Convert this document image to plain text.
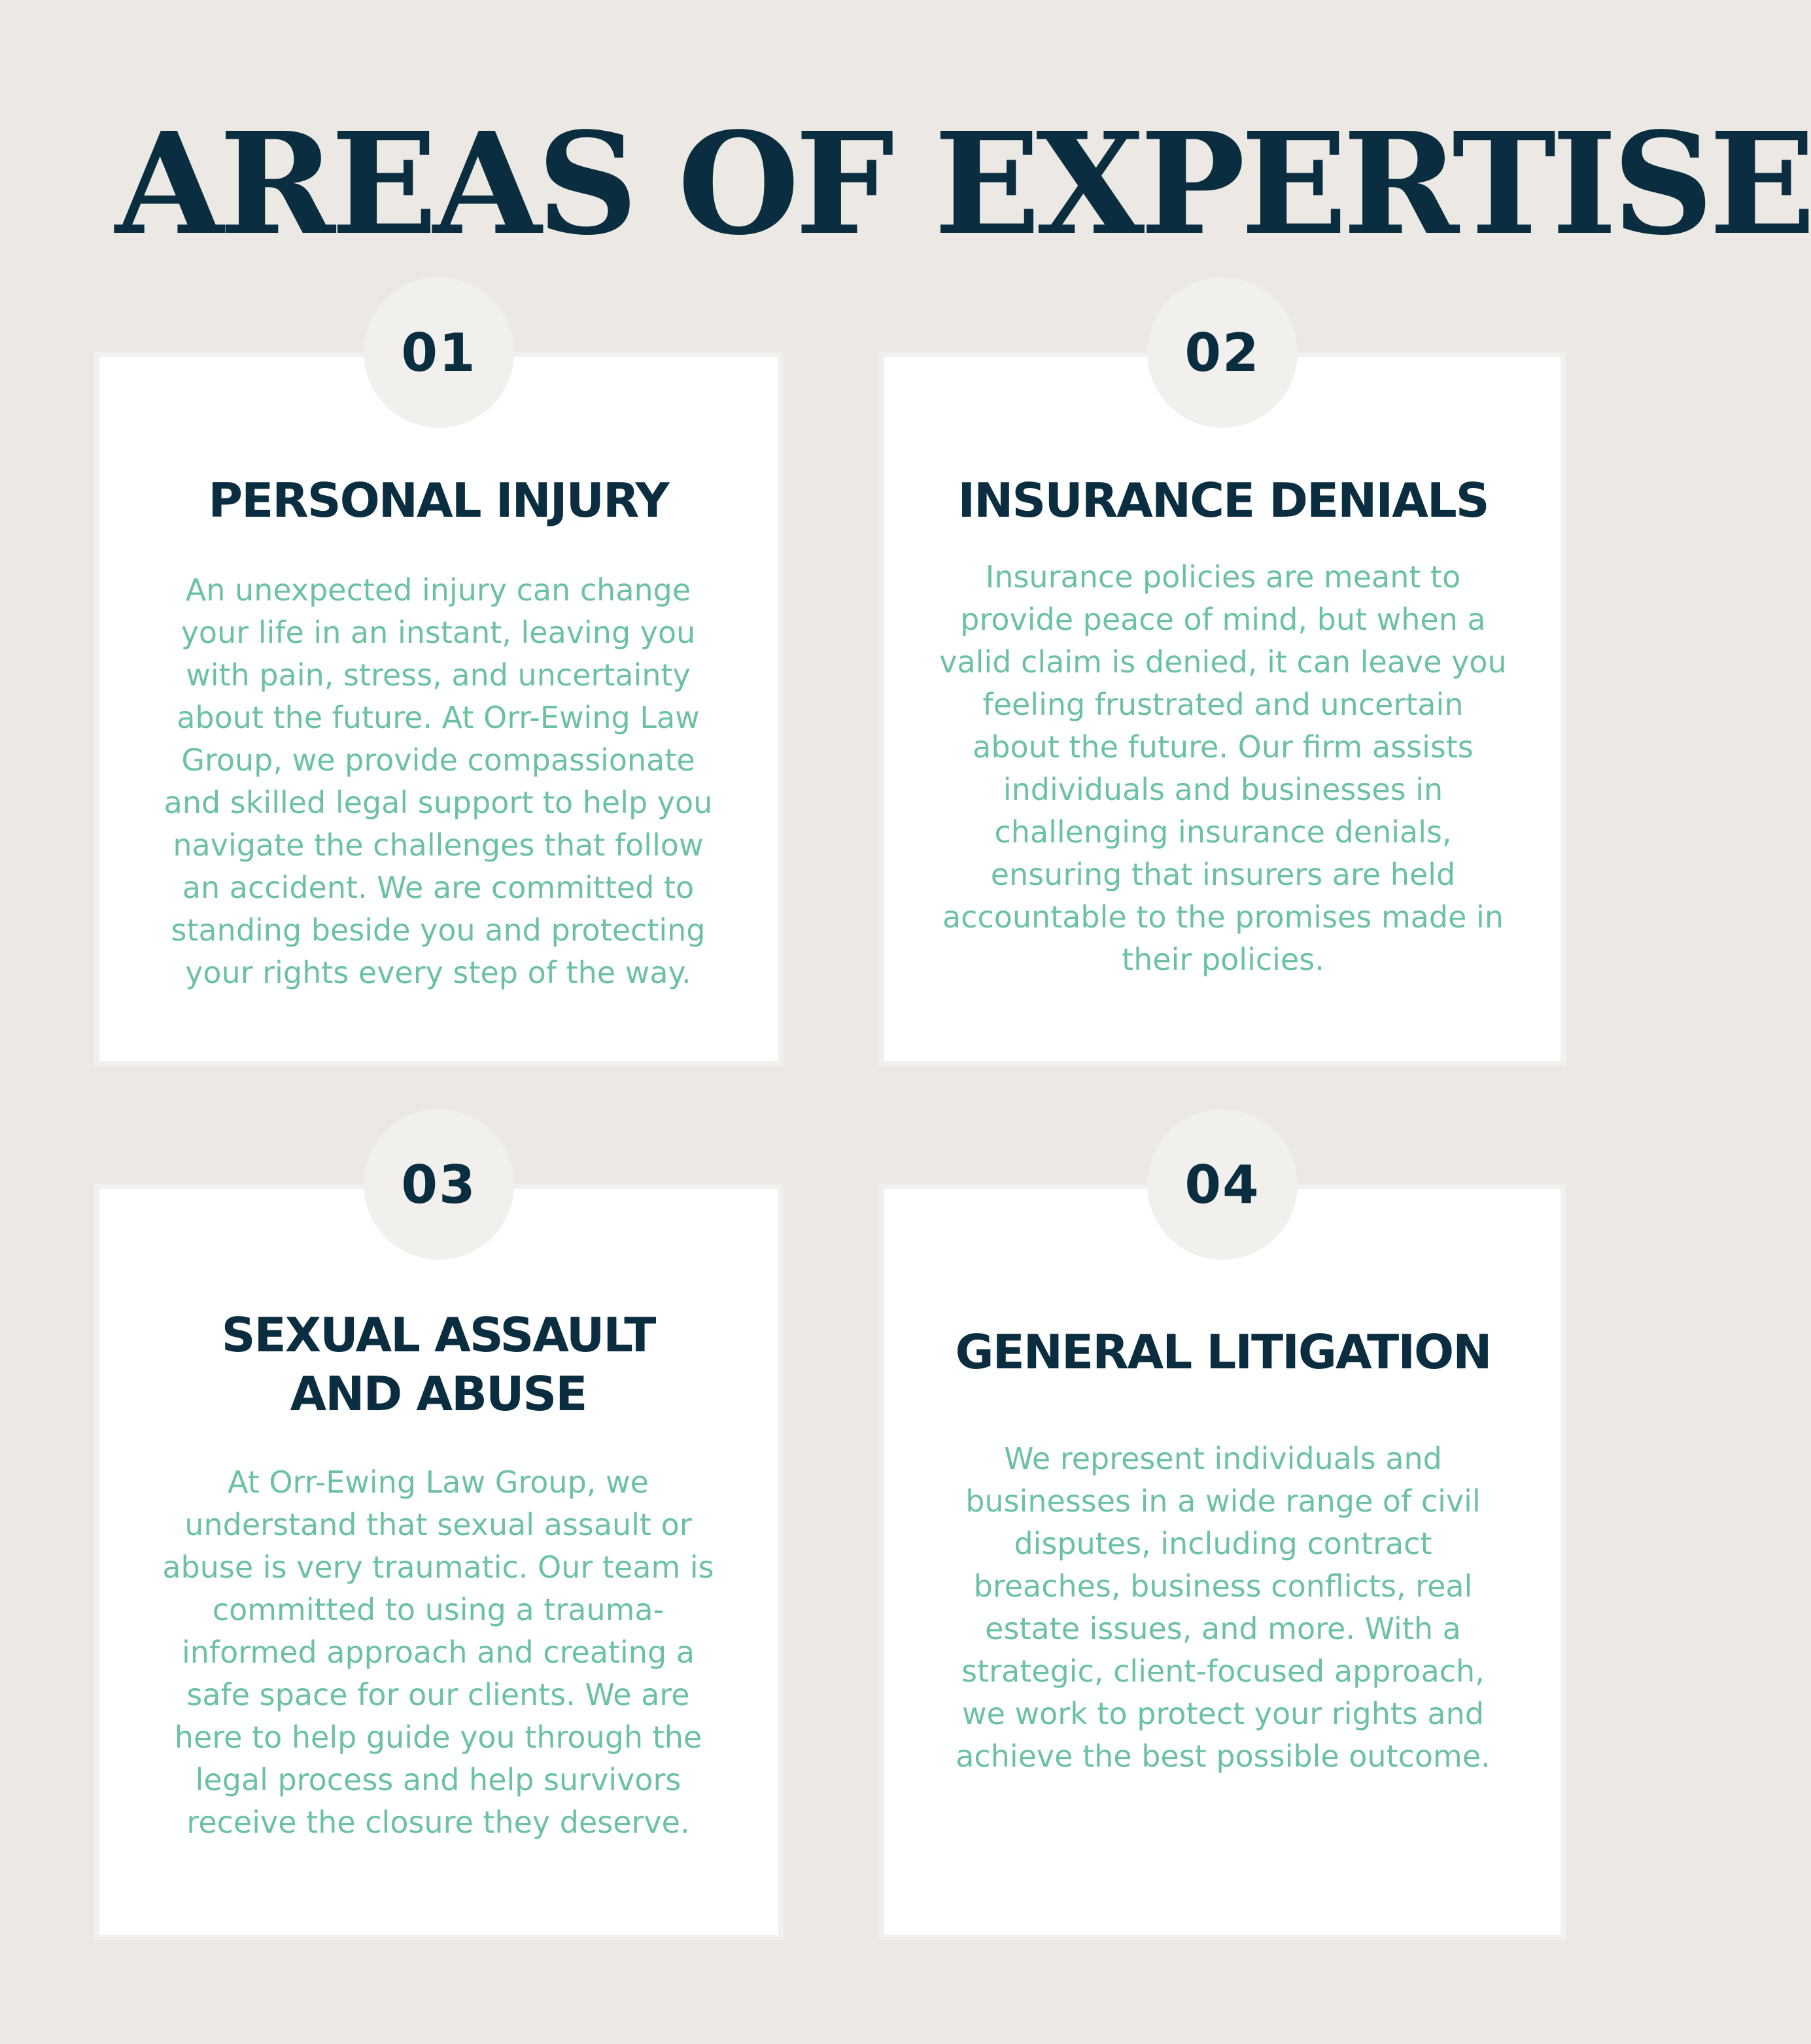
AREAS OF EXPERTISE
01
PERSONAL INJURY

An unexpected injury can change your life in an instant, leaving you with pain, stress, and uncertainty about the future. At Orr-Ewing Law Group, we provide compassionate and skilled legal support to help you navigate the challenges that follow an accident. We are committed to standing beside you and protecting your rights every step of the way.

02
INSURANCE DENIALS

Insurance policies are meant to provide peace of mind, but when a valid claim is denied, it can leave you feeling frustrated and uncertain about the future. Our firm assists individuals and businesses in challenging insurance denials, ensuring that insurers are held accountable to the promises made in their policies.

03
SEXUAL ASSAULT AND ABUSE

At Orr-Ewing Law Group, we understand that sexual assault or abuse is very traumatic. Our team is committed to using a trauma-informed approach and creating a safe space for our clients. We are here to help guide you through the legal process and help survivors receive the closure they deserve.

04
GENERAL LITIGATION

We represent individuals and businesses in a wide range of civil disputes, including contract breaches, business conflicts, real estate issues, and more. With a strategic, client-focused approach, we work to protect your rights and achieve the best possible outcome.
